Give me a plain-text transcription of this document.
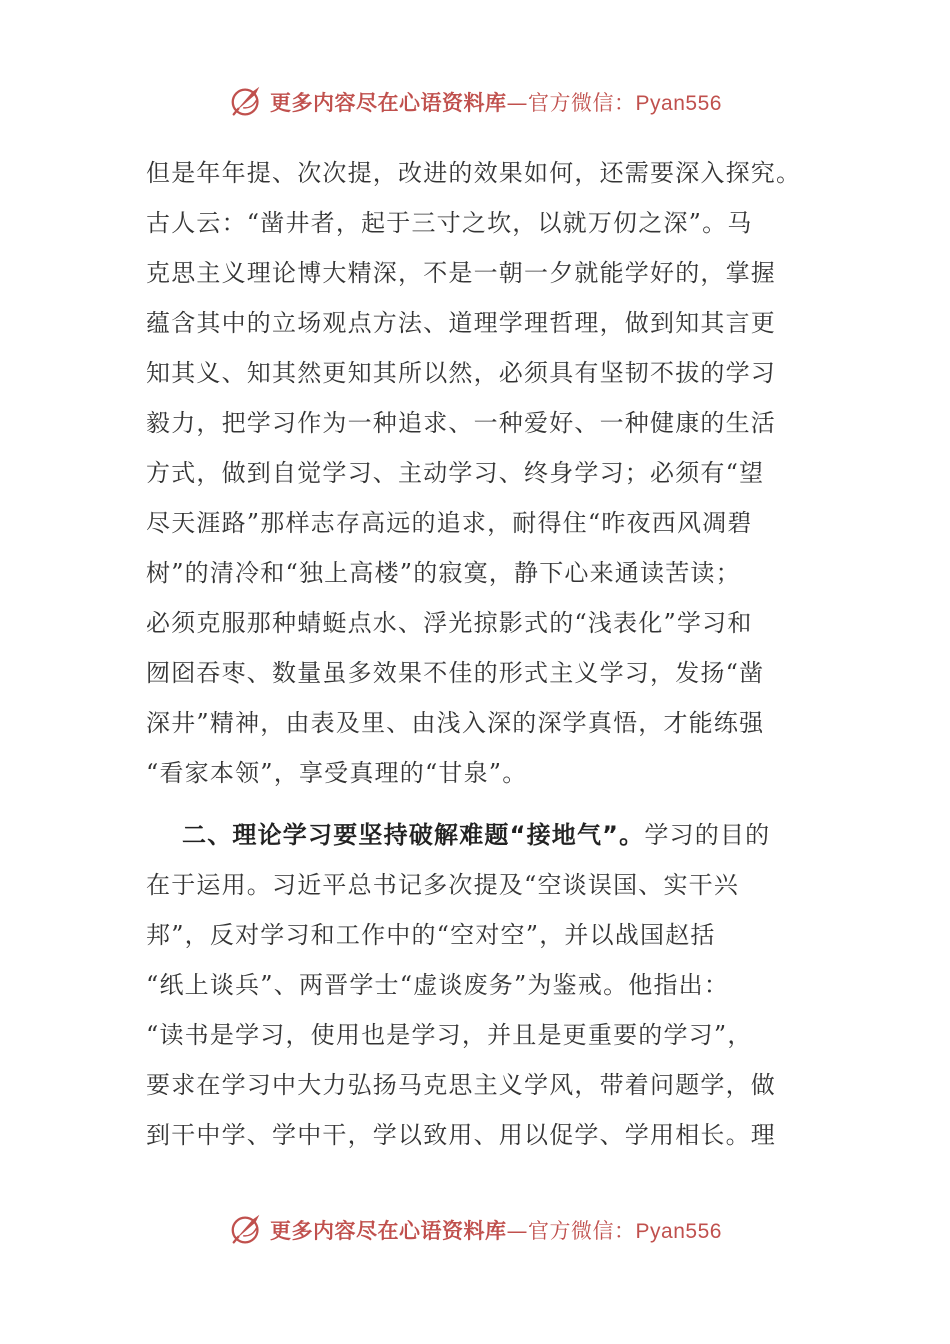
更多内容尽在心语资料库—官方微信：Pyan556

但是年年提、次次提，改进的效果如何，还需要深入探究。
古人云：“凿井者，起于三寸之坎，以就万仞之深”。马
克思主义理论博大精深，不是一朝一夕就能学好的，掌握
蕴含其中的立场观点方法、道理学理哲理，做到知其言更
知其义、知其然更知其所以然，必须具有坚韧不拔的学习
毅力，把学习作为一种追求、一种爱好、一种健康的生活
方式，做到自觉学习、主动学习、终身学习；必须有“望
尽天涯路”那样志存高远的追求，耐得住“昨夜西风凋碧
树”的清冷和“独上高楼”的寂寞，静下心来通读苦读；
必须克服那种蜻蜓点水、浮光掠影式的“浅表化”学习和
囫囵吞枣、数量虽多效果不佳的形式主义学习，发扬“凿
深井”精神，由表及里、由浅入深的深学真悟，才能练强
“看家本领”，享受真理的“甘泉”。

二、理论学习要坚持破解难题“接地气”。学习的目的
在于运用。习近平总书记多次提及“空谈误国、实干兴
邦”，反对学习和工作中的“空对空”，并以战国赵括
“纸上谈兵”、两晋学士“虚谈废务”为鉴戒。他指出：
“读书是学习，使用也是学习，并且是更重要的学习”，
要求在学习中大力弘扬马克思主义学风，带着问题学，做
到干中学、学中干，学以致用、用以促学、学用相长。理

更多内容尽在心语资料库—官方微信：Pyan556
